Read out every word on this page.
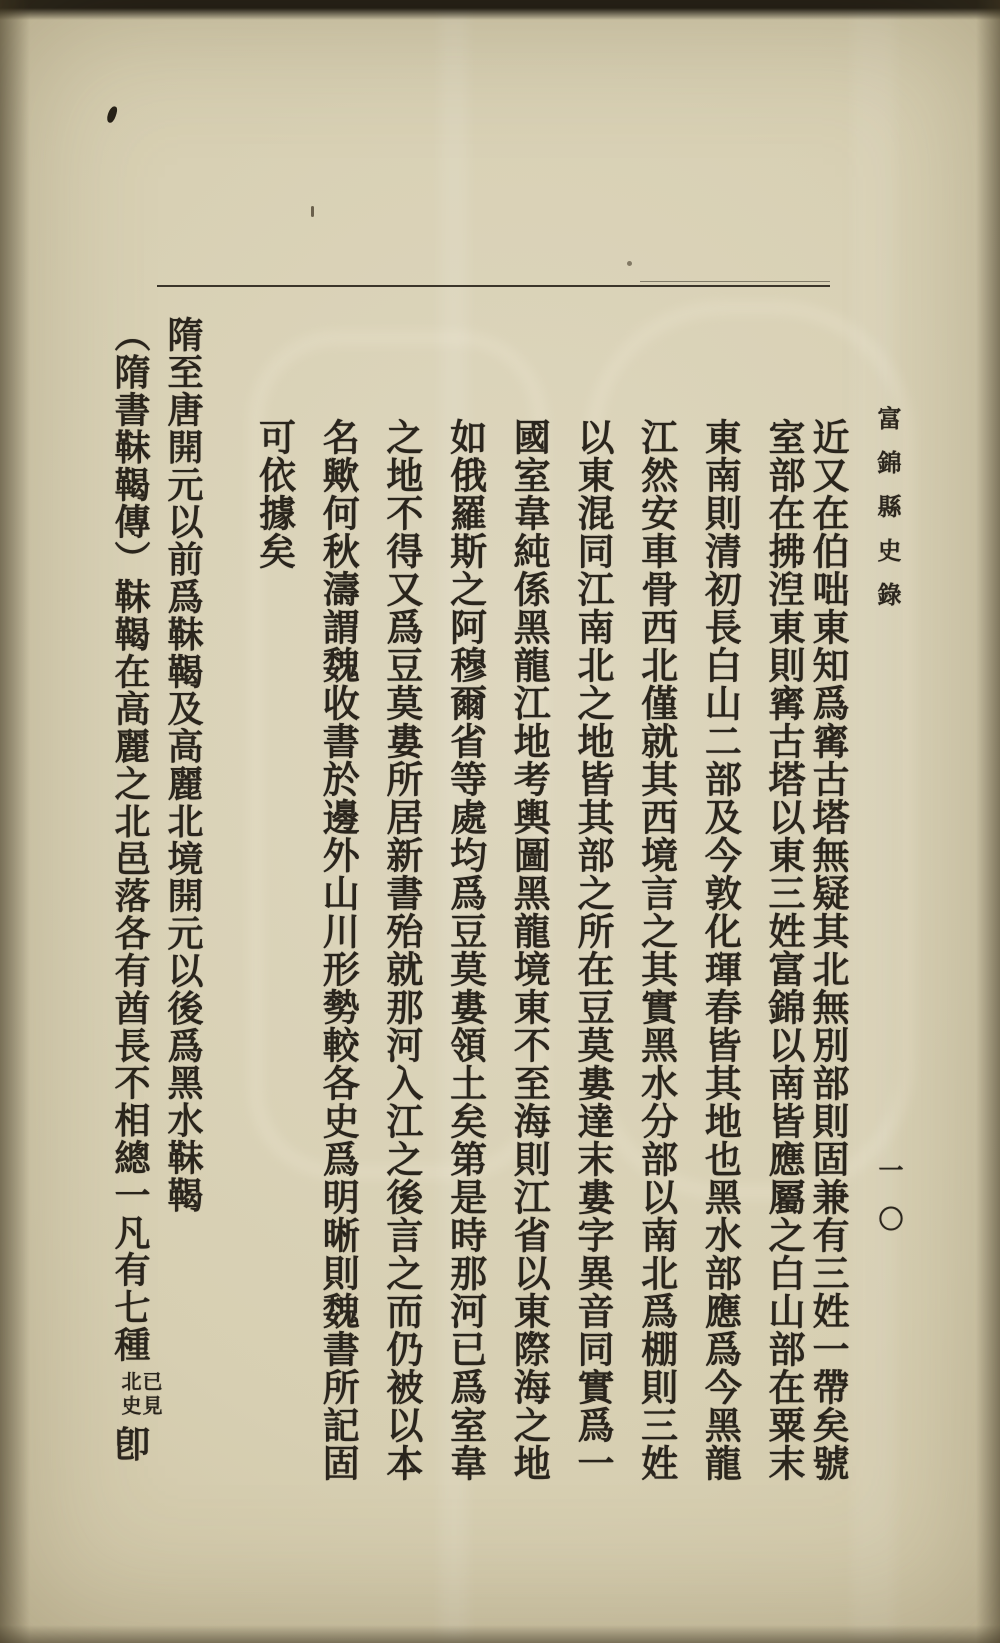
富錦縣史錄
一〇
近又在伯咄東知爲寗古塔無疑其北無別部則固兼有三姓一帶矣號
室部在拂湼東則寗古塔以東三姓富錦以南皆應屬之白山部在粟末
東南則清初長白山二部及今敦化琿春皆其地也黑水部應爲今黑龍
江然安車骨西北僅就其西境言之其實黑水分部以南北爲棚則三姓
以東混同江南北之地皆其部之所在豆莫婁達末婁字異音同實爲一
國室韋純係黑龍江地考輿圖黑龍境東不至海則江省以東際海之地
如俄羅斯之阿穆爾省等處均爲豆莫婁領土矣第是時那河已爲室韋
之地不得又爲豆莫婁所居新書殆就那河入江之後言之而仍被以本
名歟何秋濤謂魏收書於邊外山川形勢較各史爲明晰則魏書所記固
可依據矣
隋至唐開元以前爲靺鞨及高麗北境開元以後爲黑水靺鞨
（隋書靺鞨傳）靺鞨在高麗之北邑落各有酋長不相總一凡有七種
已見
北史
卽
